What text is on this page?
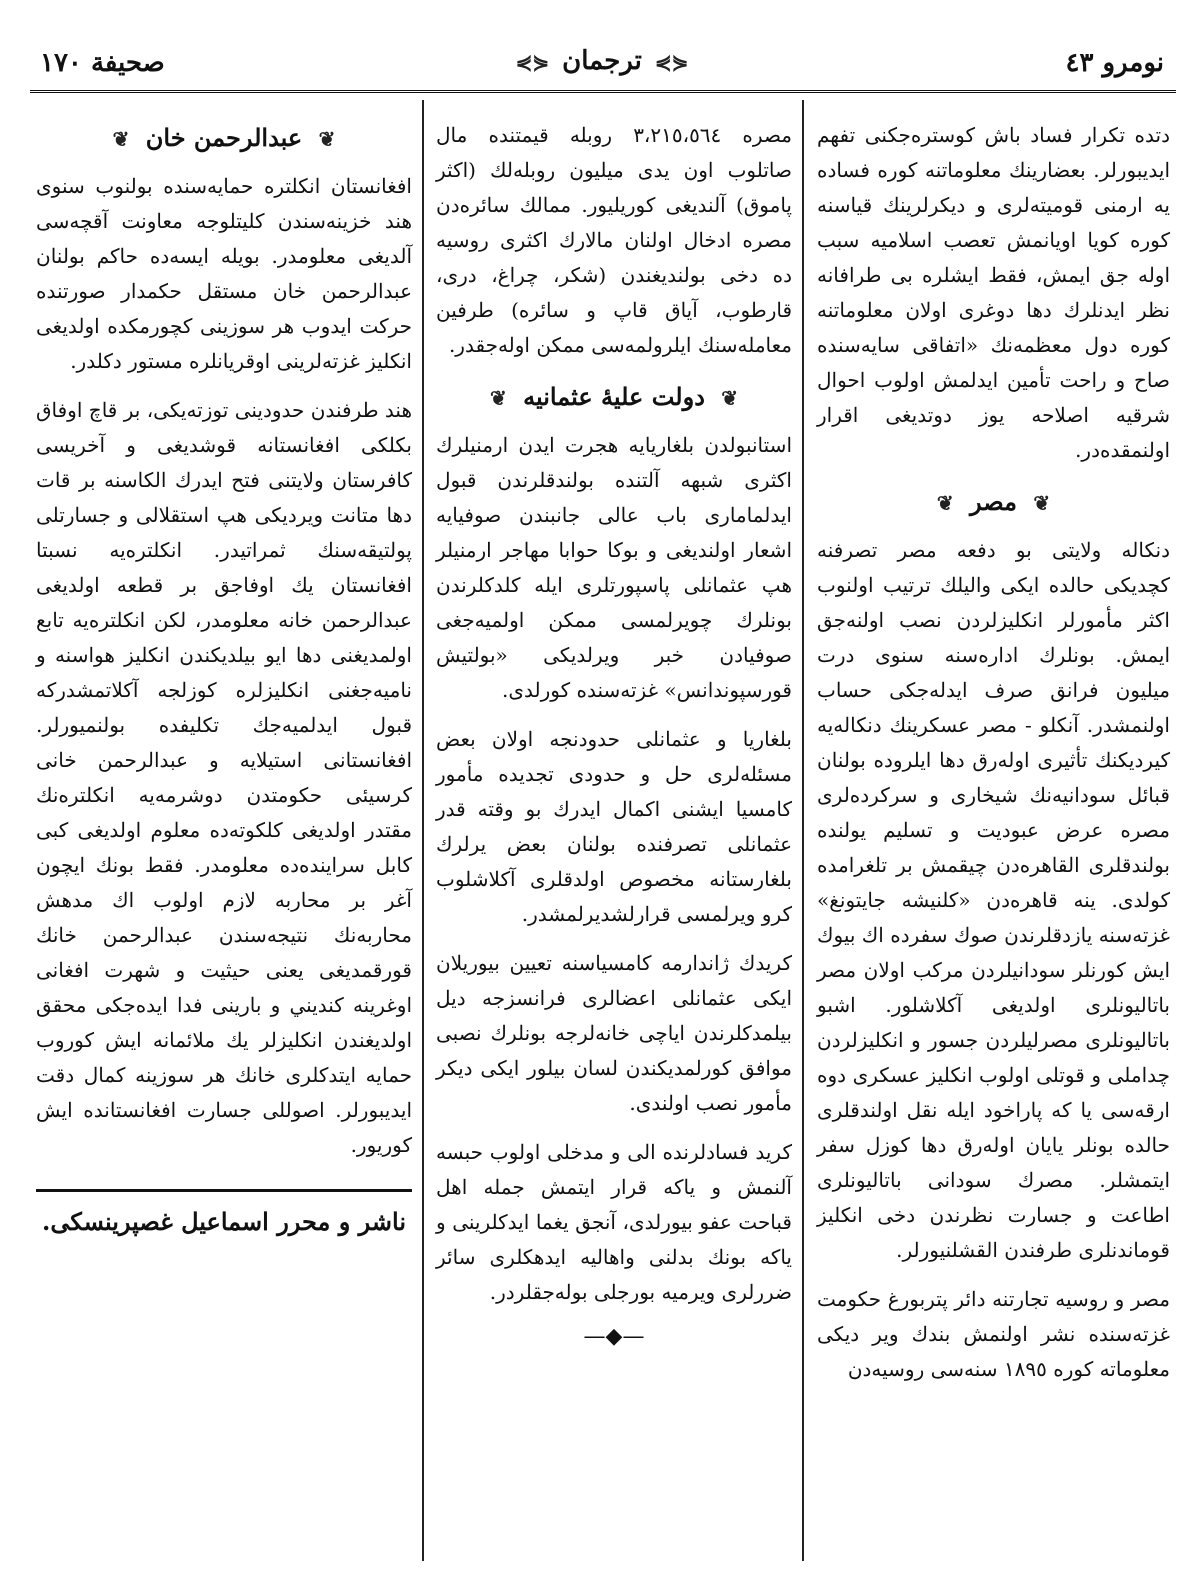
نومرو ٤٣
⋞⋟ ترجمان ⋞⋟
صحيفة ١٧٠

دتده تكرار فساد باش كوستره‌جكنى تفهم ايديبورلر. بعضارينك معلوماتنه كوره فساده يه ارمنى قوميته‌لرى و ديكرلرينك قياسنه كوره كويا اويانمش تعصب اسلاميه سبب اوله جق ايمش، فقط ايشلره بى طرافانه نظر ايدنلرك دها دوغرى اولان معلوماتنه كوره دول معظمه‌نك «اتفاقى سايه‌سنده صاح و راحت تأمين ايدلمش اولوب احوال شرقيه اصلاحه يوز دوتديغى اقرار اولنمقده‌در.

❦ مصر ❦

دنكاله ولايتى بو دفعه مصر تصرفنه كچديكى حالده ايكى واليلك ترتيب اولنوب اكثر مأمورلر انكليزلردن نصب اولنه‌جق ايمش. بونلرك اداره‌سنه سنوى درت ميليون فرانق صرف ايدله‌جكى حساب اولنمشدر. آنكلو - مصر عسكرينك دنكاله‌يه كيرديكنك تأثيرى اوله‌رق دها ايلروده بولنان قبائل سودانيه‌نك شيخارى و سركرده‌لرى مصره عرض عبوديت و تسليم يولنده بولندقلرى القاهره‌دن چيقمش بر تلغرامده كولدى. ينه قاهره‌دن «كلنيشه جايتونغ» غزته‌سنه يازدقلرندن صوك سفرده اك بيوك ايش كورنلر سودانيلردن مركب اولان مصر باتاليونلرى اولديغى آكلاشلور. اشبو باتاليونلرى مصرليلردن جسور و انكليزلردن چداملى و قوتلى اولوب انكليز عسكرى دوه ارقه‌سى يا كه پاراخود ايله نقل اولندقلرى حالده بونلر يايان اوله‌رق دها كوزل سفر ايتمشلر. مصرك سودانى باتاليونلرى اطاعت و جسارت نظرندن دخى انكليز قوماندنلرى طرفندن القشلنيورلر.

مصر و روسيه تجارتنه دائر پتربورغ حكومت غزته‌سنده نشر اولنمش بندك وير ديكى معلوماته كوره ١٨٩٥ سنه‌سى روسيه‌دن

مصره ٣،٢١٥،٥٦٤ روبله قيمتنده مال صاتلوب اون يدى ميليون روبله‌لك (اكثر پاموق) آلنديغى كوريليور. ممالك سائره‌دن مصره ادخال اولنان مالارك اكثرى روسيه ده دخى بولنديغندن (شكر، چراغ، درى، قارطوب، آياق قاپ و سائره) طرفين معامله‌سنك ايلرولمه‌سى ممكن اوله‌جقدر.

❦ دولت عليهٔ عثمانيه ❦

استانبولدن بلغاريايه هجرت ايدن ارمنيلرك اكثرى شبهه آلتنده بولندقلرندن قبول ايدلمامارى باب عالى جانبندن صوفيايه اشعار اولنديغى و بوكا حوابا مهاجر ارمنيلر هپ عثمانلى پاسپورتلرى ايله كلدكلرندن بونلرك چويرلمسى ممكن اولميه‌جغى صوفيادن خبر ويرلديكى «بولتيش قورسپوندانس» غزته‌سنده كورلدى.

بلغاريا و عثمانلى حدودنجه اولان بعض مسئله‌لرى حل و حدودى تجديده مأمور كامسيا ايشنى اكمال ايدرك بو وقته قدر عثمانلى تصرفنده بولنان بعض يرلرك بلغارستانه مخصوص اولدقلرى آكلاشلوب كرو ويرلمسى قرارلشديرلمشدر.

كريدك ژاندارمه كامسياسنه تعيين بيوريلان ايكى عثمانلى اعضالرى فرانسزجه ديل بيلمدكلرندن اياچى خانه‌لرجه بونلرك نصبى موافق كورلمديكندن لسان بيلور ايكى ديكر مأمور نصب اولندى.

كريد فسادلرنده الى و مدخلى اولوب حبسه آلنمش و ياكه قرار ايتمش جمله اهل قباحت عفو بيورلدى، آنجق يغما ايدكلرينى و ياكه بونك بدلنى واهاليه ايدهكلرى سائر ضررلرى ويرميه بورجلى بوله‌جقلردر.

—◆—
❦ عبدالرحمن خان ❦

افغانستان انكلتره حمايه‌سنده بولنوب سنوى هند خزينه‌سندن كليتلوجه معاونت آقچه‌سى آلديغى معلومدر. بويله ايسه‌ده حاكم بولنان عبدالرحمن خان مستقل حكمدار صورتنده حركت ايدوب هر سوزينى كچورمكده اولديغى انكليز غزته‌لرينى اوقريانلره مستور دكلدر.

هند طرفندن حدودينى توزته‌يكى، بر قاچ اوفاق بكلكى افغانستانه قوشديغى و آخريسى كافرستان ولايتنى فتح ايدرك الكاسنه بر قات دها متانت ويرديكى هپ استقلالى و جسارتلى پولتيقه‌سنك ثمراتيدر. انكلتره‌يه نسبتا افغانستان يك اوفاجق بر قطعه اولديغى عبدالرحمن خانه معلومدر، لكن انكلتره‌يه تابع اولمديغنى دها ايو بيلديكندن انكليز هواسنه و ناميه‌جغنى انكليزلره كوزلجه آكلاتمشدركه قبول ايدلميه‌جك تكليفده بولنميورلر. افغانستانى استيلايه و عبدالرحمن خانى كرسيئى حكومتدن دوشرمه‌يه انكلتره‌نك مقتدر اولديغى كلكوته‌ده معلوم اولديغى كبى كابل سراينده‌ده معلومدر. فقط بونك ايچون آغر بر محاربه لازم اولوب اك مدهش محاربه‌نك نتيجه‌سندن عبدالرحمن خانك قورقمديغى يعنى حيثيت و شهرت افغانى اوغرينه كنديني و بارينى فدا ايده‌جكى محقق اولديغندن انكليزلر يك ملائمانه ايش كوروب حمايه ايتدكلرى خانك هر سوزينه كمال دقت ايديبورلر. اصوللى جسارت افغانستانده ايش كوريور.

ناشر و محرر اسماعيل غصپرينسكى.
